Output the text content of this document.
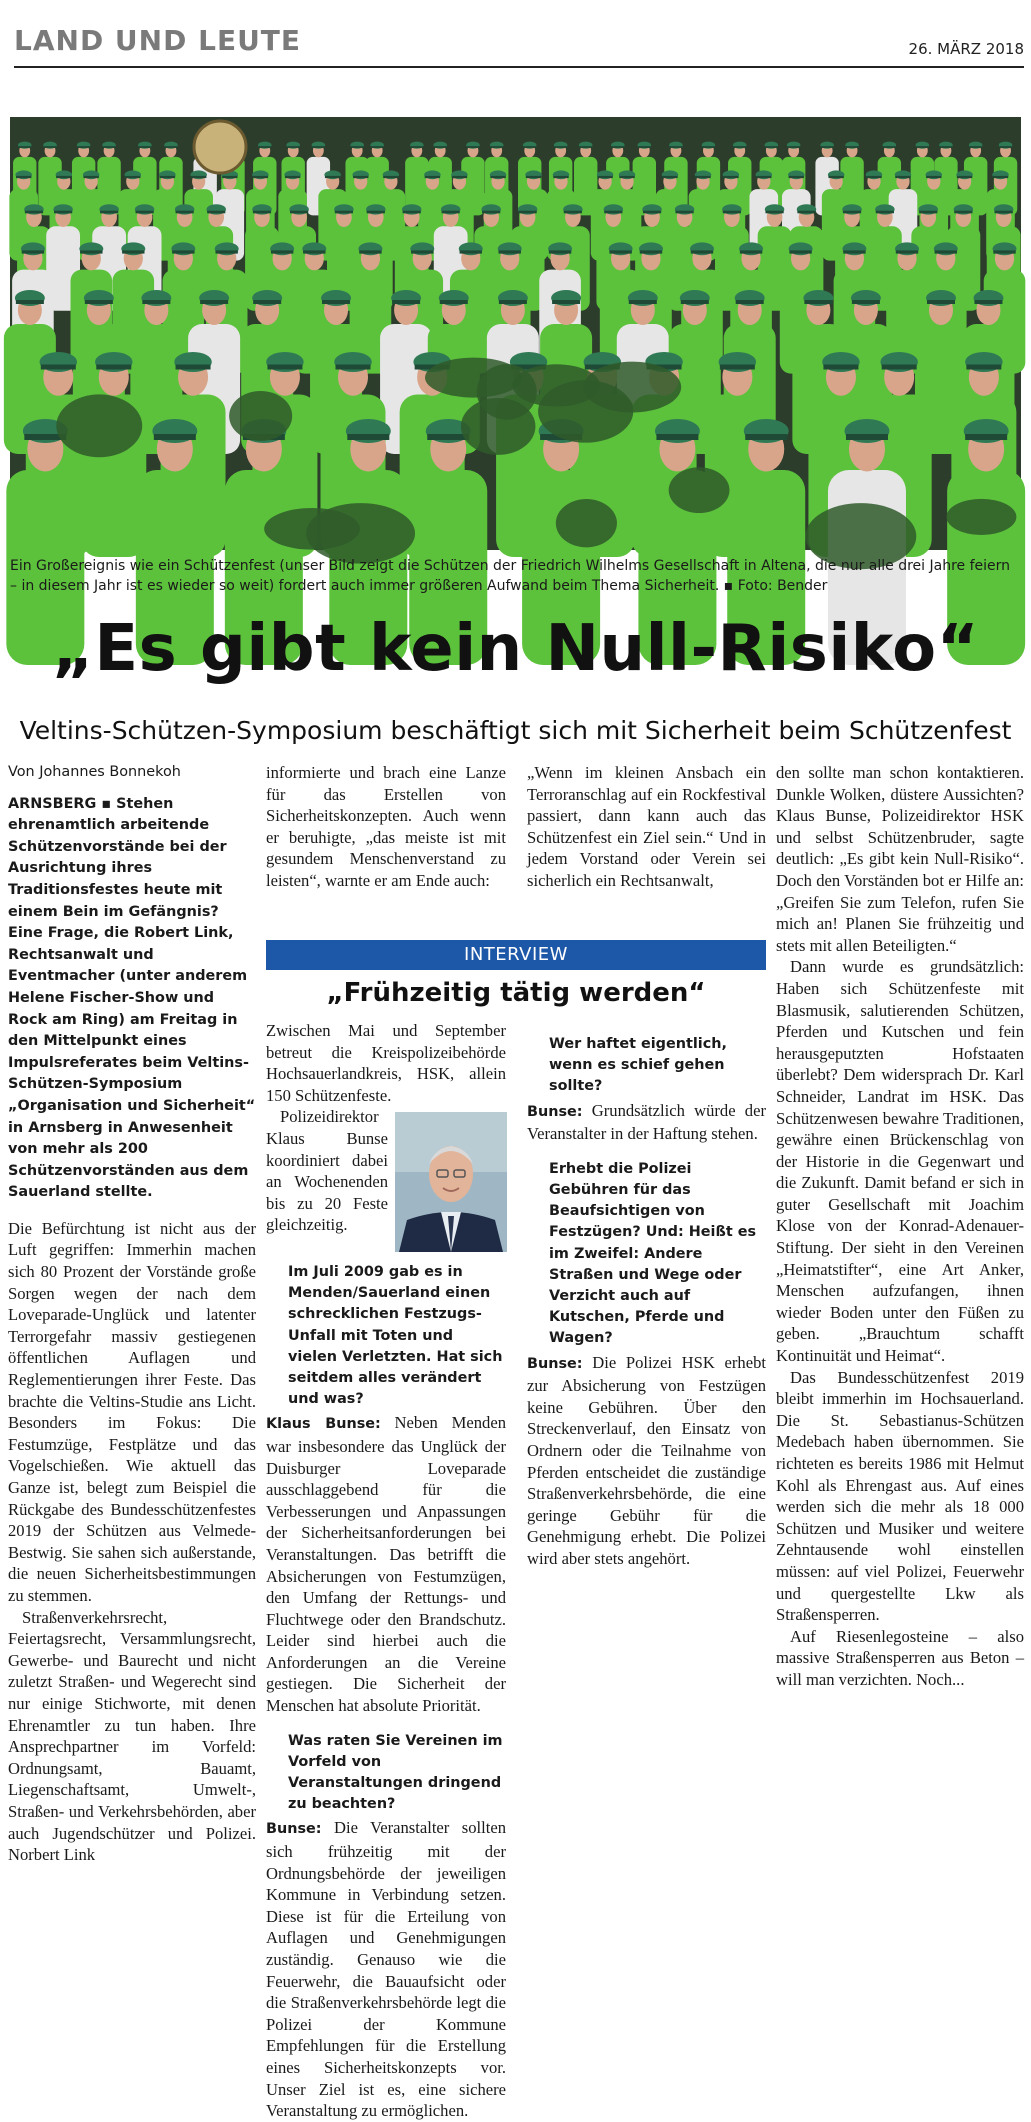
LAND UND LEUTE	26. MÄRZ 2018
Ein Großereignis wie ein Schützenfest (unser Bild zeigt die Schützen der Friedrich Wilhelms Gesellschaft in Altena, die nur alle drei Jahre feiern – in diesem Jahr ist es wieder so weit) fordert auch immer größeren Aufwand beim Thema Sicherheit. ▪ Foto: Bender
„Es gibt kein Null-Risiko“
Veltins-Schützen-Symposium beschäftigt sich mit Sicherheit beim Schützenfest
Von Johannes Bonnekoh

ARNSBERG ▪ Stehen ehrenamtlich arbeitende Schützenvorstände bei der Ausrichtung ihres Traditionsfestes heute mit einem Bein im Gefängnis? Eine Frage, die Robert Link, Rechtsanwalt und Eventmacher (unter anderem Helene Fischer-Show und Rock am Ring) am Freitag in den Mittelpunkt eines Impulsreferates beim Veltins-Schützen-Symposium „Organisation und Sicherheit“ in Arnsberg in Anwesenheit von mehr als 200 Schützenvorständen aus dem Sauerland stellte.

Die Befürchtung ist nicht aus der Luft gegriffen: Immerhin machen sich 80 Prozent der Vorstände große Sorgen wegen der nach dem Loveparade-Unglück und latenter Terrorgefahr massiv gestiegenen öffentlichen Auflagen und Reglementierungen ihrer Feste. Das brachte die Veltins-Studie ans Licht. Besonders im Fokus: Die Festumzüge, Festplätze und das Vogelschießen. Wie aktuell das Ganze ist, belegt zum Beispiel die Rückgabe des Bundesschützenfestes 2019 der Schützen aus Velmede-Bestwig. Sie sahen sich außerstande, die neuen Sicherheitsbestimmungen zu stemmen.

Straßenverkehrsrecht, Feiertagsrecht, Versammlungsrecht, Gewerbe- und Baurecht und nicht zuletzt Straßen- und Wegerecht sind nur einige Stichworte, mit denen Ehrenamtler zu tun haben. Ihre Ansprechpartner im Vorfeld: Ordnungsamt, Bauamt, Liegenschaftsamt, Umwelt-, Straßen- und Verkehrsbehörden, aber auch Jugendschützer und Polizei. Norbert Link

informierte und brach eine Lanze für das Erstellen von Sicherheitskonzepten. Auch wenn er beruhigte, „das meiste ist mit gesundem Menschenverstand zu leisten“, warnte er am Ende auch:

„Wenn im kleinen Ansbach ein Terroranschlag auf ein Rockfestival passiert, dann kann auch das Schützenfest ein Ziel sein.“ Und in jedem Vorstand oder Verein sei sicherlich ein Rechtsanwalt,

den sollte man schon kontaktieren. Dunkle Wolken, düstere Aussichten? Klaus Bunse, Polizeidirektor HSK und selbst Schützenbruder, sagte deutlich: „Es gibt kein Null-Risiko“. Doch den Vorständen bot er Hilfe an: „Greifen Sie zum Telefon, rufen Sie mich an! Planen Sie frühzeitig und stets mit allen Beteiligten.“

Dann wurde es grundsätzlich: Haben sich Schützenfeste mit Blasmusik, salutierenden Schützen, Pferden und Kutschen und fein herausgeputzten Hofstaaten überlebt? Dem widersprach Dr. Karl Schneider, Landrat im HSK. Das Schützenwesen bewahre Traditionen, gewähre einen Brückenschlag von der Historie in die Gegenwart und die Zukunft. Damit befand er sich in guter Gesellschaft mit Joachim Klose von der Konrad-Adenauer-Stiftung. Der sieht in den Vereinen „Heimatstifter“, eine Art Anker, Menschen aufzufangen, ihnen wieder Boden unter den Füßen zu geben. „Brauchtum schafft Kontinuität und Heimat“.

Das Bundesschützenfest 2019 bleibt immerhin im Hochsauerland. Die St. Sebastianus-Schützen Medebach haben übernommen. Sie richteten es bereits 1986 mit Helmut Kohl als Ehrengast aus. Auf eines werden sich die mehr als 18 000 Schützen und Musiker und weitere Zehntausende wohl einstellen müssen: auf viel Polizei, Feuerwehr und quergestellte Lkw als Straßensperren.

Auf Riesenlegosteine – also massive Straßensperren aus Beton – will man verzichten. Noch...

INTERVIEW
„Frühzeitig tätig werden“

Zwischen Mai und September betreut die Kreispolizeibehörde Hochsauerlandkreis, HSK, allein 150 Schützenfeste.

Polizeidirektor Klaus Bunse koordiniert dabei an Wochenenden bis zu 20 Feste gleichzeitig.

Im Juli 2009 gab es in Menden/Sauerland einen schrecklichen Festzugs-Unfall mit Toten und vielen Verletzten. Hat sich seitdem alles verändert und was?

Klaus Bunse: Neben Menden war insbesondere das Unglück der Duisburger Loveparade ausschlaggebend für die Verbesserungen und Anpassungen der Sicherheitsanforderungen bei Veranstaltungen. Das betrifft die Absicherungen von Festumzügen, den Umfang der Rettungs- und Fluchtwege oder den Brandschutz. Leider sind hierbei auch die Anforderungen an die Vereine gestiegen. Die Sicherheit der Menschen hat absolute Priorität.

Was raten Sie Vereinen im Vorfeld von Veranstaltungen dringend zu beachten?

Bunse: Die Veranstalter sollten sich frühzeitig mit der Ordnungsbehörde der jeweiligen Kommune in Verbindung setzen. Diese ist für die Erteilung von Auflagen und Genehmigungen zuständig. Genauso wie die Feuerwehr, die Bauaufsicht oder die Straßenverkehrsbehörde legt die Polizei der Kommune Empfehlungen für die Erstellung eines Sicherheitskonzepts vor. Unser Ziel ist es, eine sichere Veranstaltung zu ermöglichen.

Wer haftet eigentlich, wenn es schief gehen sollte?

Bunse: Grundsätzlich würde der Veranstalter in der Haftung stehen.

Erhebt die Polizei Gebühren für das Beaufsichtigen von Festzügen? Und: Heißt es im Zweifel: Andere Straßen und Wege oder Verzicht auch auf Kutschen, Pferde und Wagen?

Bunse: Die Polizei HSK erhebt zur Absicherung von Festzügen keine Gebühren. Über den Streckenverlauf, den Einsatz von Ordnern oder die Teilnahme von Pferden entscheidet die zuständige Straßenverkehrsbehörde, die eine geringe Gebühr für die Genehmigung erhebt. Die Polizei wird aber stets angehört.
